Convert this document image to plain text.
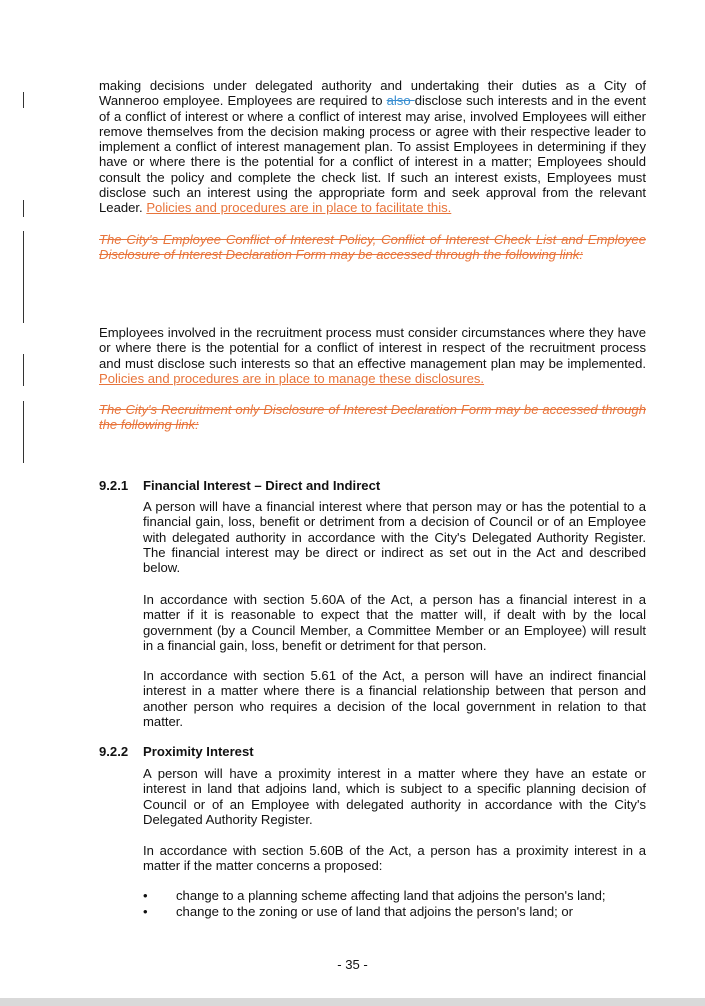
making decisions under delegated authority and undertaking their duties as a City of Wanneroo employee. Employees are required to also disclose such interests and in the event of a conflict of interest or where a conflict of interest may arise, involved Employees will either remove themselves from the decision making process or agree with their respective leader to implement a conflict of interest management plan. To assist Employees in determining if they have or where there is the potential for a conflict of interest in a matter; Employees should consult the policy and complete the check list. If such an interest exists, Employees must disclose such an interest using the appropriate form and seek approval from the relevant Leader. Policies and procedures are in place to facilitate this.

The City's Employee Conflict of Interest Policy, Conflict of Interest Check List and Employee Disclosure of Interest Declaration Form may be accessed through the following link:

Employees involved in the recruitment process must consider circumstances where they have or where there is the potential for a conflict of interest in respect of the recruitment process and must disclose such interests so that an effective management plan may be implemented. Policies and procedures are in place to manage these disclosures.

The City's Recruitment only Disclosure of Interest Declaration Form may be accessed through the following link:

9.2.1 Financial Interest – Direct and Indirect

A person will have a financial interest where that person may or has the potential to a financial gain, loss, benefit or detriment from a decision of Council or of an Employee with delegated authority in accordance with the City's Delegated Authority Register. The financial interest may be direct or indirect as set out in the Act and described below.

In accordance with section 5.60A of the Act, a person has a financial interest in a matter if it is reasonable to expect that the matter will, if dealt with by the local government (by a Council Member, a Committee Member or an Employee) will result in a financial gain, loss, benefit or detriment for that person.

In accordance with section 5.61 of the Act, a person will have an indirect financial interest in a matter where there is a financial relationship between that person and another person who requires a decision of the local government in relation to that matter.

9.2.2 Proximity Interest

A person will have a proximity interest in a matter where they have an estate or interest in land that adjoins land, which is subject to a specific planning decision of Council or of an Employee with delegated authority in accordance with the City's Delegated Authority Register.

In accordance with section 5.60B of the Act, a person has a proximity interest in a matter if the matter concerns a proposed:

• change to a planning scheme affecting land that adjoins the person's land;
• change to the zoning or use of land that adjoins the person's land; or
- 35 -
